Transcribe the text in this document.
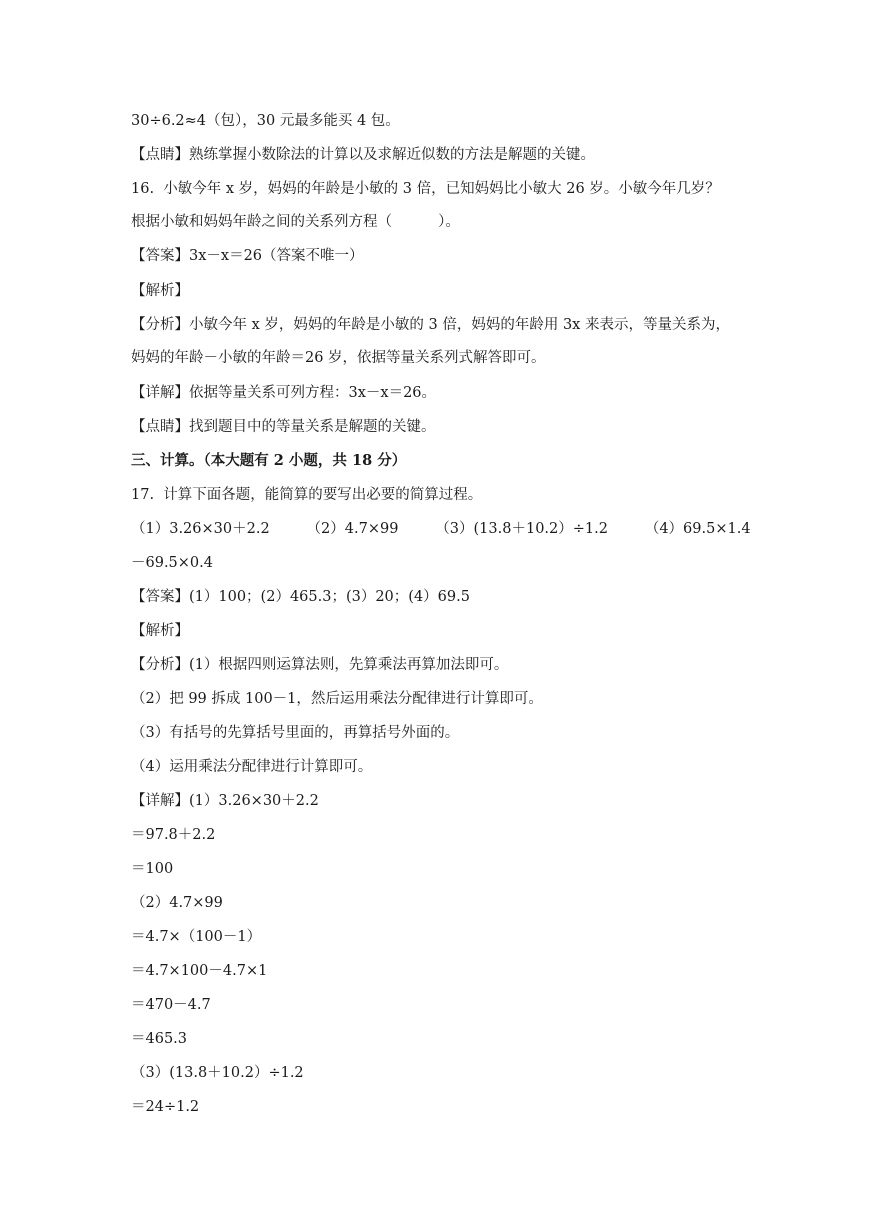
30÷6.2≈4（包），30 元最多能买 4 包。
【点睛】熟练掌握小数除法的计算以及求解近似数的方法是解题的关键。
16.  小敏今年 x 岁，妈妈的年龄是小敏的 3 倍，已知妈妈比小敏大 26 岁。小敏今年几岁？
根据小敏和妈妈年龄之间的关系列方程（          ）。
【答案】3x－x＝26（答案不唯一）
【解析】
【分析】小敏今年 x 岁，妈妈的年龄是小敏的 3 倍，妈妈的年龄用 3x 来表示，等量关系为，
妈妈的年龄－小敏的年龄＝26 岁，依据等量关系列式解答即可。
【详解】依据等量关系可列方程：3x－x＝26。
【点睛】找到题目中的等量关系是解题的关键。
三、计算。（本大题有 2 小题，共 18 分）
17.  计算下面各题，能简算的要写出必要的简算过程。
（1）3.26×30＋2.2        （2）4.7×99        （3）(13.8＋10.2）÷1.2        （4）69.5×1.4
－69.5×0.4
【答案】(1）100；(2）465.3；(3）20；(4）69.5
【解析】
【分析】(1）根据四则运算法则，先算乘法再算加法即可。
（2）把 99 拆成 100－1，然后运用乘法分配律进行计算即可。
（3）有括号的先算括号里面的，再算括号外面的。
（4）运用乘法分配律进行计算即可。
【详解】(1）3.26×30＋2.2
＝97.8＋2.2
＝100
（2）4.7×99
＝4.7×（100－1）
＝4.7×100－4.7×1
＝470－4.7
＝465.3
（3）(13.8＋10.2）÷1.2
＝24÷1.2
